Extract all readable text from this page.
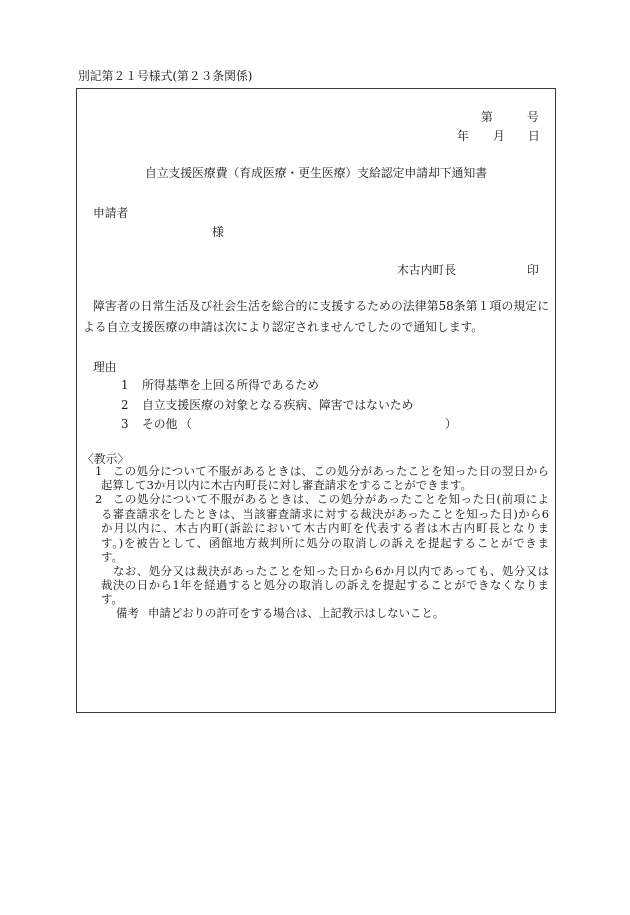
別記第２１号様式(第２３条関係)
第	号
年 月 日
自立支援医療費（育成医療・更生医療）支給認定申請却下通知書
申請者
様
木古内町長	印
障害者の日常生活及び社会生活を総合的に支援するための法律第58条第１項の規定に
よる自立支援医療の申請は次により認定されませんでしたので通知します。
理由
1 所得基準を上回る所得であるため
2 自立支援医療の対象となる疾病、障害ではないため
3 その他 （	）
〈教示〉
1 この処分について不服があるときは、この処分があったことを知った日の翌日から
起算して3か月以内に木古内町長に対し審査請求をすることができます。
2 この処分について不服があるときは、この処分があったことを知った日(前項によ
る審査請求をしたときは、当該審査請求に対する裁決があったことを知った日)から6
か月以内に、木古内町(訴訟において木古内町を代表する者は木古内町長となりま
す。)を被告として、函館地方裁判所に処分の取消しの訴えを提起することができま
す。
なお、処分又は裁決があったことを知った日から6か月以内であっても、処分又は
裁決の日から1年を経過すると処分の取消しの訴えを提起することができなくなりま
す。
備考 申請どおりの許可をする場合は、上記教示はしないこと。
